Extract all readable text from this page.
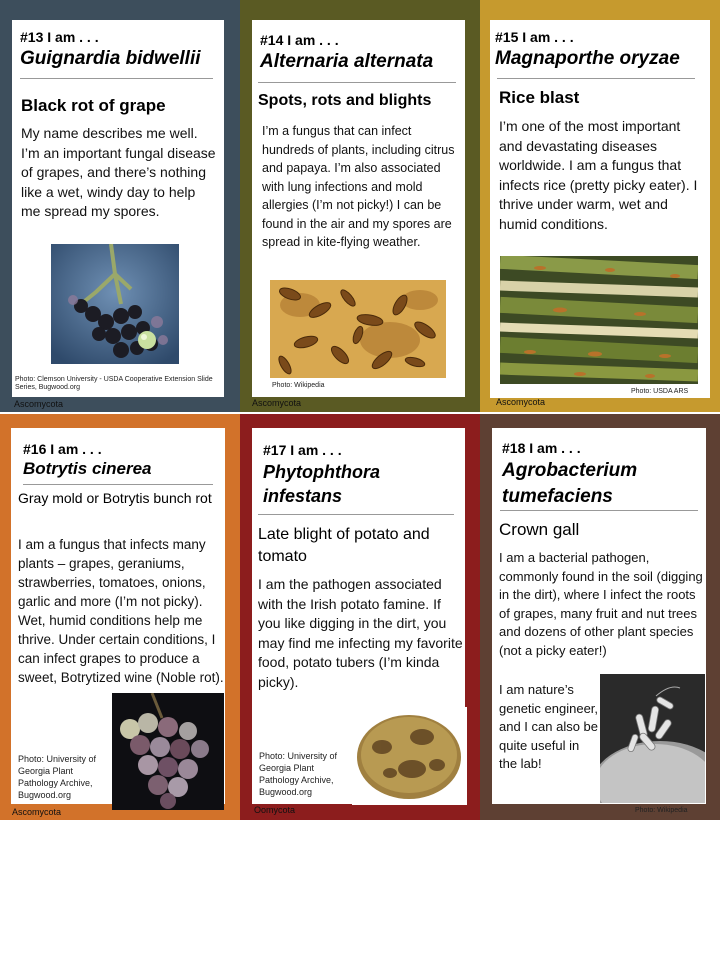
#13 I am . . .
Guignardia bidwellii
Black rot of grape
My name describes me well. I’m an important fungal disease of grapes, and there’s nothing like a wet, windy day to help me spread my spores.
Photo: Clemson University - USDA Cooperative Extension Slide Series, Bugwood.org
Ascomycota
#14 I am . . .
Alternaria alternata
Spots, rots and blights
I’m a fungus that can infect hundreds of plants, including citrus and papaya. I’m also associated with lung infections and mold allergies (I’m not picky!) I can be found in the air and my spores are spread in kite-flying weather.
Photo: Wikipedia
Ascomycota
#15 I am . . .
Magnaporthe oryzae
Rice blast
I’m one of the most important and devastating diseases worldwide. I am a fungus that infects rice (pretty picky eater). I thrive under warm, wet and humid conditions.
Photo: USDA ARS
Ascomycota
#16 I am . . .
Botrytis cinerea
Gray mold or Botrytis bunch rot
I am a fungus that infects many plants – grapes, geraniums, strawberries, tomatoes, onions, garlic and more (I’m not picky). Wet, humid conditions help me thrive. Under certain conditions, I can infect grapes to produce a sweet, Botrytized wine (Noble rot).
Photo: University of Georgia Plant Pathology Archive, Bugwood.org
Ascomycota
#17 I am . . .
Phytophthora infestans
Late blight of potato and tomato
I am the pathogen associated with the Irish potato famine. If you like digging in the dirt, you may find me infecting my favorite food, potato tubers (I’m kinda picky).
Photo: University of Georgia Plant Pathology Archive, Bugwood.org
Oomycota
#18 I am . . .
Agrobacterium tumefaciens
Crown gall
I am a bacterial pathogen, commonly found in the soil (digging in the dirt), where I infect the roots of grapes, many fruit and nut trees and dozens of other plant species (not a picky eater!)
I am nature’s genetic engineer, and I can also be quite useful in the lab!
Photo: Wikipedia
